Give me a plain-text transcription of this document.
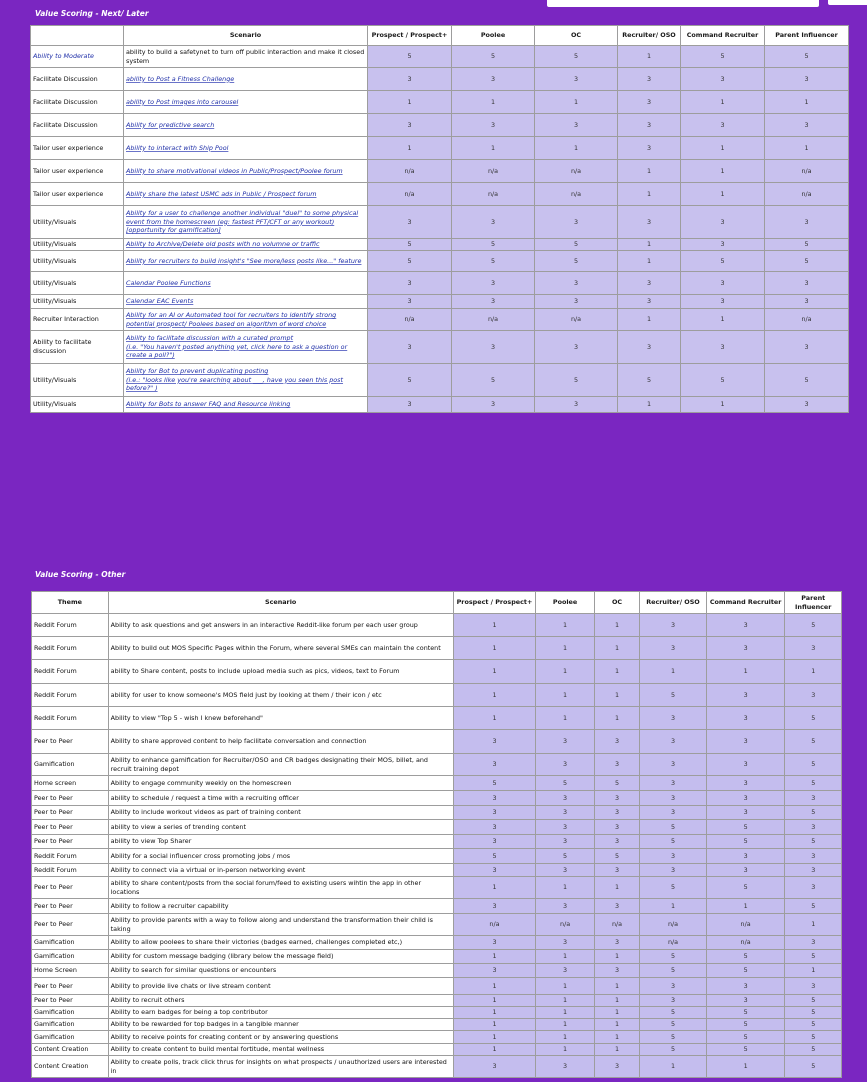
Value Scoring - Next/ Later
	Scenario	Prospect / Prospect+	Poolee	OC	Recruiter/ OSO	Command Recruiter	Parent Influencer
Ability to Moderate	ability to build a safetynet to turn off public interaction and make it closed system	5	5	5	1	5	5
Facilitate Discussion	ability to Post a Fitness Challenge	3	3	3	3	3	3
Facilitate Discussion	ability to Post images into carousel	1	1	1	3	1	1
Facilitate Discussion	Ability for predictive search	3	3	3	3	3	3
Tailor user experience	Ability to interact with Ship Pool	1	1	1	3	1	1
Tailor user experience	Ability to share motivational videos in Public/Prospect/Poolee forum	n/a	n/a	n/a	1	1	n/a
Tailor user experience	Ability share the latest USMC ads in Public / Prospect forum	n/a	n/a	n/a	1	1	n/a
Utility/Visuals	Ability for a user to challenge another individual "duel" to some physical event from the homescreen (eg: fastest PFT/CFT or any workout) [opportunity for gamification]	3	3	3	3	3	3
Utility/Visuals	Ability to Archive/Delete old posts with no volumne or traffic	5	5	5	1	3	5
Utility/Visuals	Ability for recruiters to build insight's "See more/less posts like..." feature	5	5	5	1	5	5
Utility/Visuals	Calendar Poolee Functions	3	3	3	3	3	3
Utility/Visuals	Calendar EAC Events	3	3	3	3	3	3
Recruiter Interaction	Ability for an AI or Automated tool for recruiters to identify strong potential prospect/ Poolees based on algorithm of word choice	n/a	n/a	n/a	1	1	n/a
Ability to facilitate discussion	Ability to facilitate discussion with a curated prompt
(i.e. "You haven't posted anything yet, click here to ask a question or create a poll?")	3	3	3	3	3	3
Utility/Visuals	Ability for Bot to prevent duplicating posting
(i.e.: "looks like you're searching about ___, have you seen this post before?" )	5	5	5	5	5	5
Utility/Visuals	Ability for Bots to answer FAQ and Resource linking	3	3	3	1	1	3
Value Scoring - Other
Theme	Scenario	Prospect / Prospect+	Poolee	OC	Recruiter/ OSO	Command Recruiter	Parent Influencer
Reddit Forum	Ability to ask questions and get answers in an interactive Reddit-like forum per each user group	1	1	1	3	3	5
Reddit Forum	Ability to build out MOS Specific Pages within the Forum, where several SMEs can maintain the content	1	1	1	3	3	3
Reddit Forum	ability to Share content, posts to include upload media such as pics, videos, text to Forum	1	1	1	1	1	1
Reddit Forum	ability for user to know someone's MOS field just by looking at them / their icon / etc	1	1	1	5	3	3
Reddit Forum	Ability to view "Top 5 - wish I knew beforehand"	1	1	1	3	3	5
Peer to Peer	Ability to share approved content to help facilitate conversation and connection	3	3	3	3	3	5
Gamification	Ability to enhance gamification for Recruiter/OSO and CR badges designating their MOS, billet, and recruit training depot	3	3	3	3	3	5
Home screen	Ability to engage community weekly on the homescreen	5	5	5	3	3	5
Peer to Peer	ability to schedule / request a time with a recruiting officer	3	3	3	3	3	3
Peer to Peer	Ability to include workout videos as part of training content	3	3	3	3	3	5
Peer to Peer	ability to view a series of trending content	3	3	3	5	5	3
Peer to Peer	ability to view Top Sharer	3	3	3	5	5	5
Reddit Forum	Ability for a social influencer cross promoting jobs / mos	5	5	5	3	3	3
Reddit Forum	Ability to connect via a virtual or in-person networking event	3	3	3	3	3	3
Peer to Peer	ability to share content/posts from the social forum/feed to existing users wihtin the app in other locations	1	1	1	5	5	3
Peer to Peer	Ability to follow a recruiter capability	3	3	3	1	1	5
Peer to Peer	Ability to provide parents with a way to follow along and understand the transformation their child is taking	n/a	n/a	n/a	n/a	n/a	1
Gamification	Ability to allow poolees to share their victories (badges earned, challenges completed etc,)	3	3	3	n/a	n/a	3
Gamification	Ability for custom message badging (library below the message field)	1	1	1	5	5	5
Home Screen	Ability to search for similar questions or encounters	3	3	3	5	5	1
Peer to Peer	Ability to provide live chats or live stream content	1	1	1	3	3	3
Peer to Peer	Ability to recruit others	1	1	1	3	3	5
Gamification	Ability to earn badges for being a top contributor	1	1	1	5	5	5
Gamification	Ability to be rewarded for top badges in a tangible manner	1	1	1	5	5	5
Gamification	Ability to receive points for creating content or by answering questions	1	1	1	5	5	5
Content Creation	Ability to create content to build mental fortitude, mental wellness	1	1	1	5	5	5
Content Creation	Ability to create polls, track click thrus for insights on what prospects / unauthorized users are interested in	3	3	3	1	1	5
